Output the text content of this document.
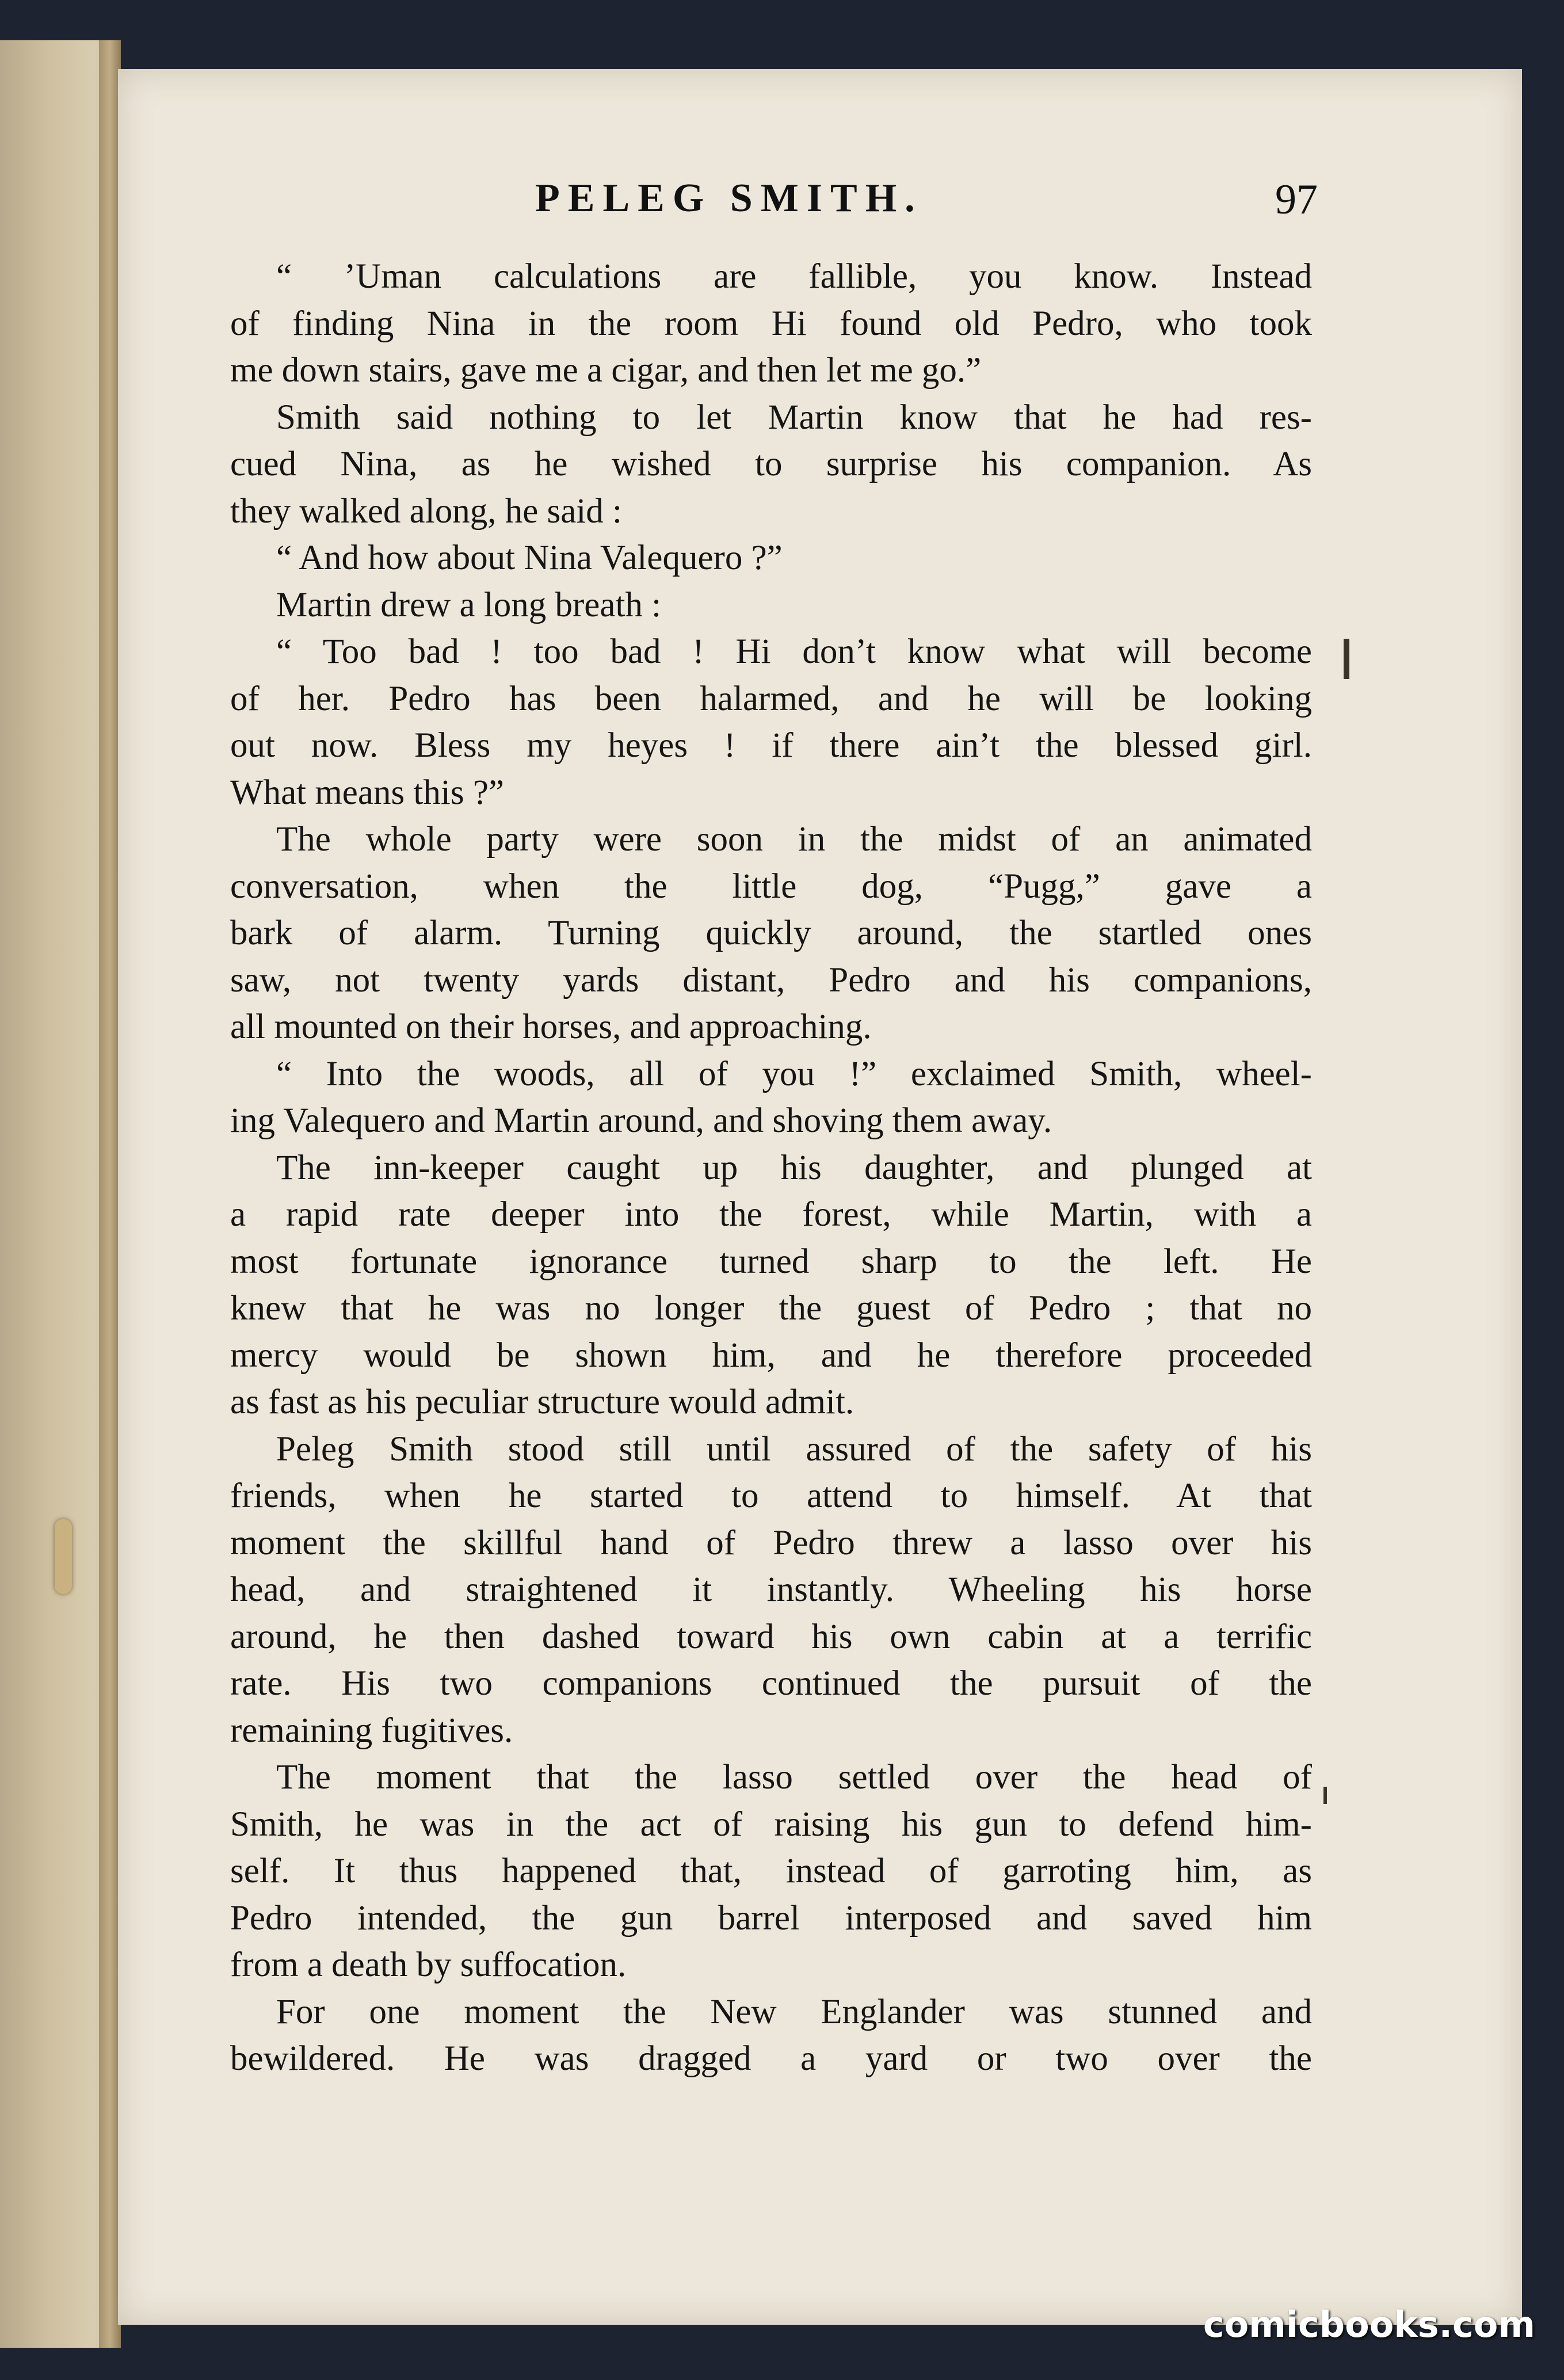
PELEG SMITH.	97
“ ’Uman calculations are fallible, you know. Instead
of finding Nina in the room Hi found old Pedro, who took
me down stairs, gave me a cigar, and then let me go.”
Smith said nothing to let Martin know that he had res-
cued Nina, as he wished to surprise his companion. As
they walked along, he said :
“ And how about Nina Valequero ?”
Martin drew a long breath :
“ Too bad ! too bad ! Hi don’t know what will become
of her. Pedro has been halarmed, and he will be looking
out now. Bless my heyes ! if there ain’t the blessed girl.
What means this ?”
The whole party were soon in the midst of an animated
conversation, when the little dog, “Pugg,” gave a
bark of alarm. Turning quickly around, the startled ones
saw, not twenty yards distant, Pedro and his companions,
all mounted on their horses, and approaching.
“ Into the woods, all of you !” exclaimed Smith, wheel-
ing Valequero and Martin around, and shoving them away.
The inn-keeper caught up his daughter, and plunged at
a rapid rate deeper into the forest, while Martin, with a
most fortunate ignorance turned sharp to the left. He
knew that he was no longer the guest of Pedro ; that no
mercy would be shown him, and he therefore proceeded
as fast as his peculiar structure would admit.
Peleg Smith stood still until assured of the safety of his
friends, when he started to attend to himself. At that
moment the skillful hand of Pedro threw a lasso over his
head, and straightened it instantly. Wheeling his horse
around, he then dashed toward his own cabin at a terrific
rate. His two companions continued the pursuit of the
remaining fugitives.
The moment that the lasso settled over the head of
Smith, he was in the act of raising his gun to defend him-
self. It thus happened that, instead of garroting him, as
Pedro intended, the gun barrel interposed and saved him
from a death by suffocation.
For one moment the New Englander was stunned and
bewildered. He was dragged a yard or two over the
comicbooks.com
